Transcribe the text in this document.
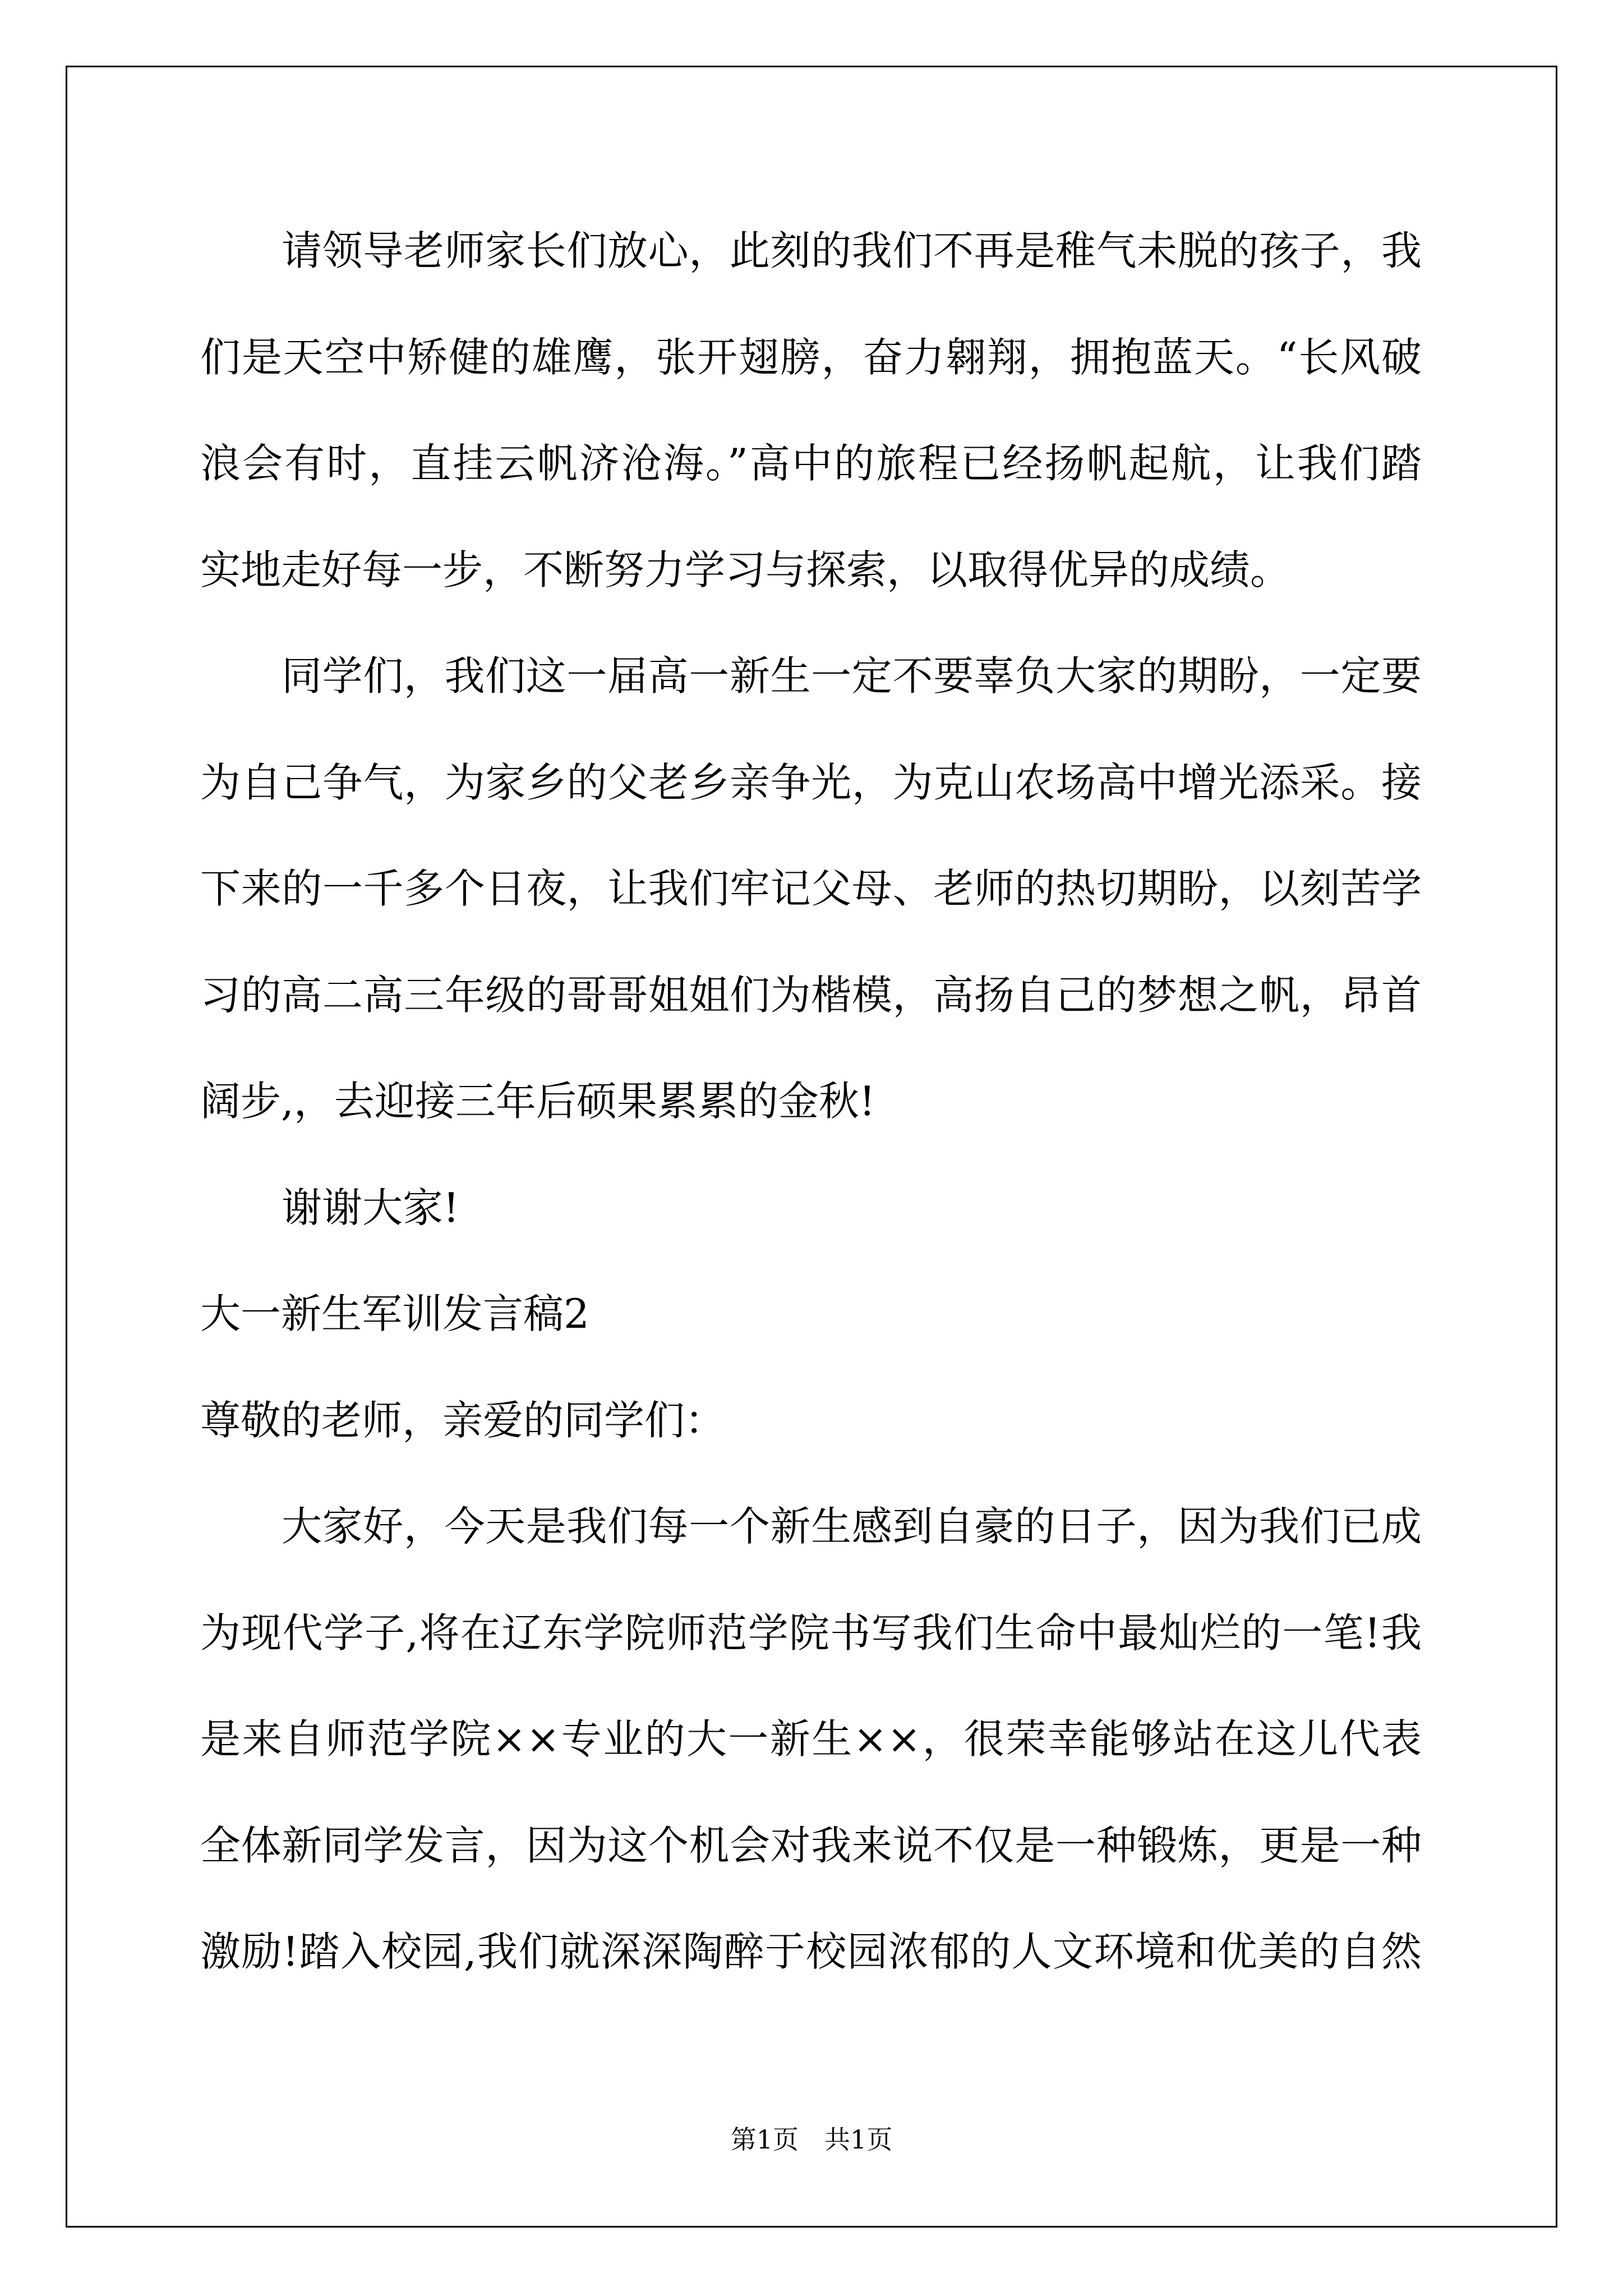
请领导老师家长们放心，此刻的我们不再是稚气未脱的孩子，我
们是天空中矫健的雄鹰，张开翅膀，奋力翱翔，拥抱蓝天。“长风破
浪会有时，直挂云帆济沧海。”高中的旅程已经扬帆起航，让我们踏
实地走好每一步，不断努力学习与探索，以取得优异的成绩。
同学们，我们这一届高一新生一定不要辜负大家的期盼，一定要
为自己争气，为家乡的父老乡亲争光，为克山农场高中增光添采。接
下来的一千多个日夜，让我们牢记父母、老师的热切期盼，以刻苦学
习的高二高三年级的哥哥姐姐们为楷模，高扬自己的梦想之帆，昂首
阔步,，去迎接三年后硕果累累的金秋!
谢谢大家!
大一新生军训发言稿2
尊敬的老师，亲爱的同学们：
大家好，今天是我们每一个新生感到自豪的日子，因为我们已成
为现代学子,将在辽东学院师范学院书写我们生命中最灿烂的一笔!我
是来自师范学院××专业的大一新生××，很荣幸能够站在这儿代表
全体新同学发言，因为这个机会对我来说不仅是一种锻炼，更是一种
激励!踏入校园,我们就深深陶醉于校园浓郁的人文环境和优美的自然
第1页　共1页
